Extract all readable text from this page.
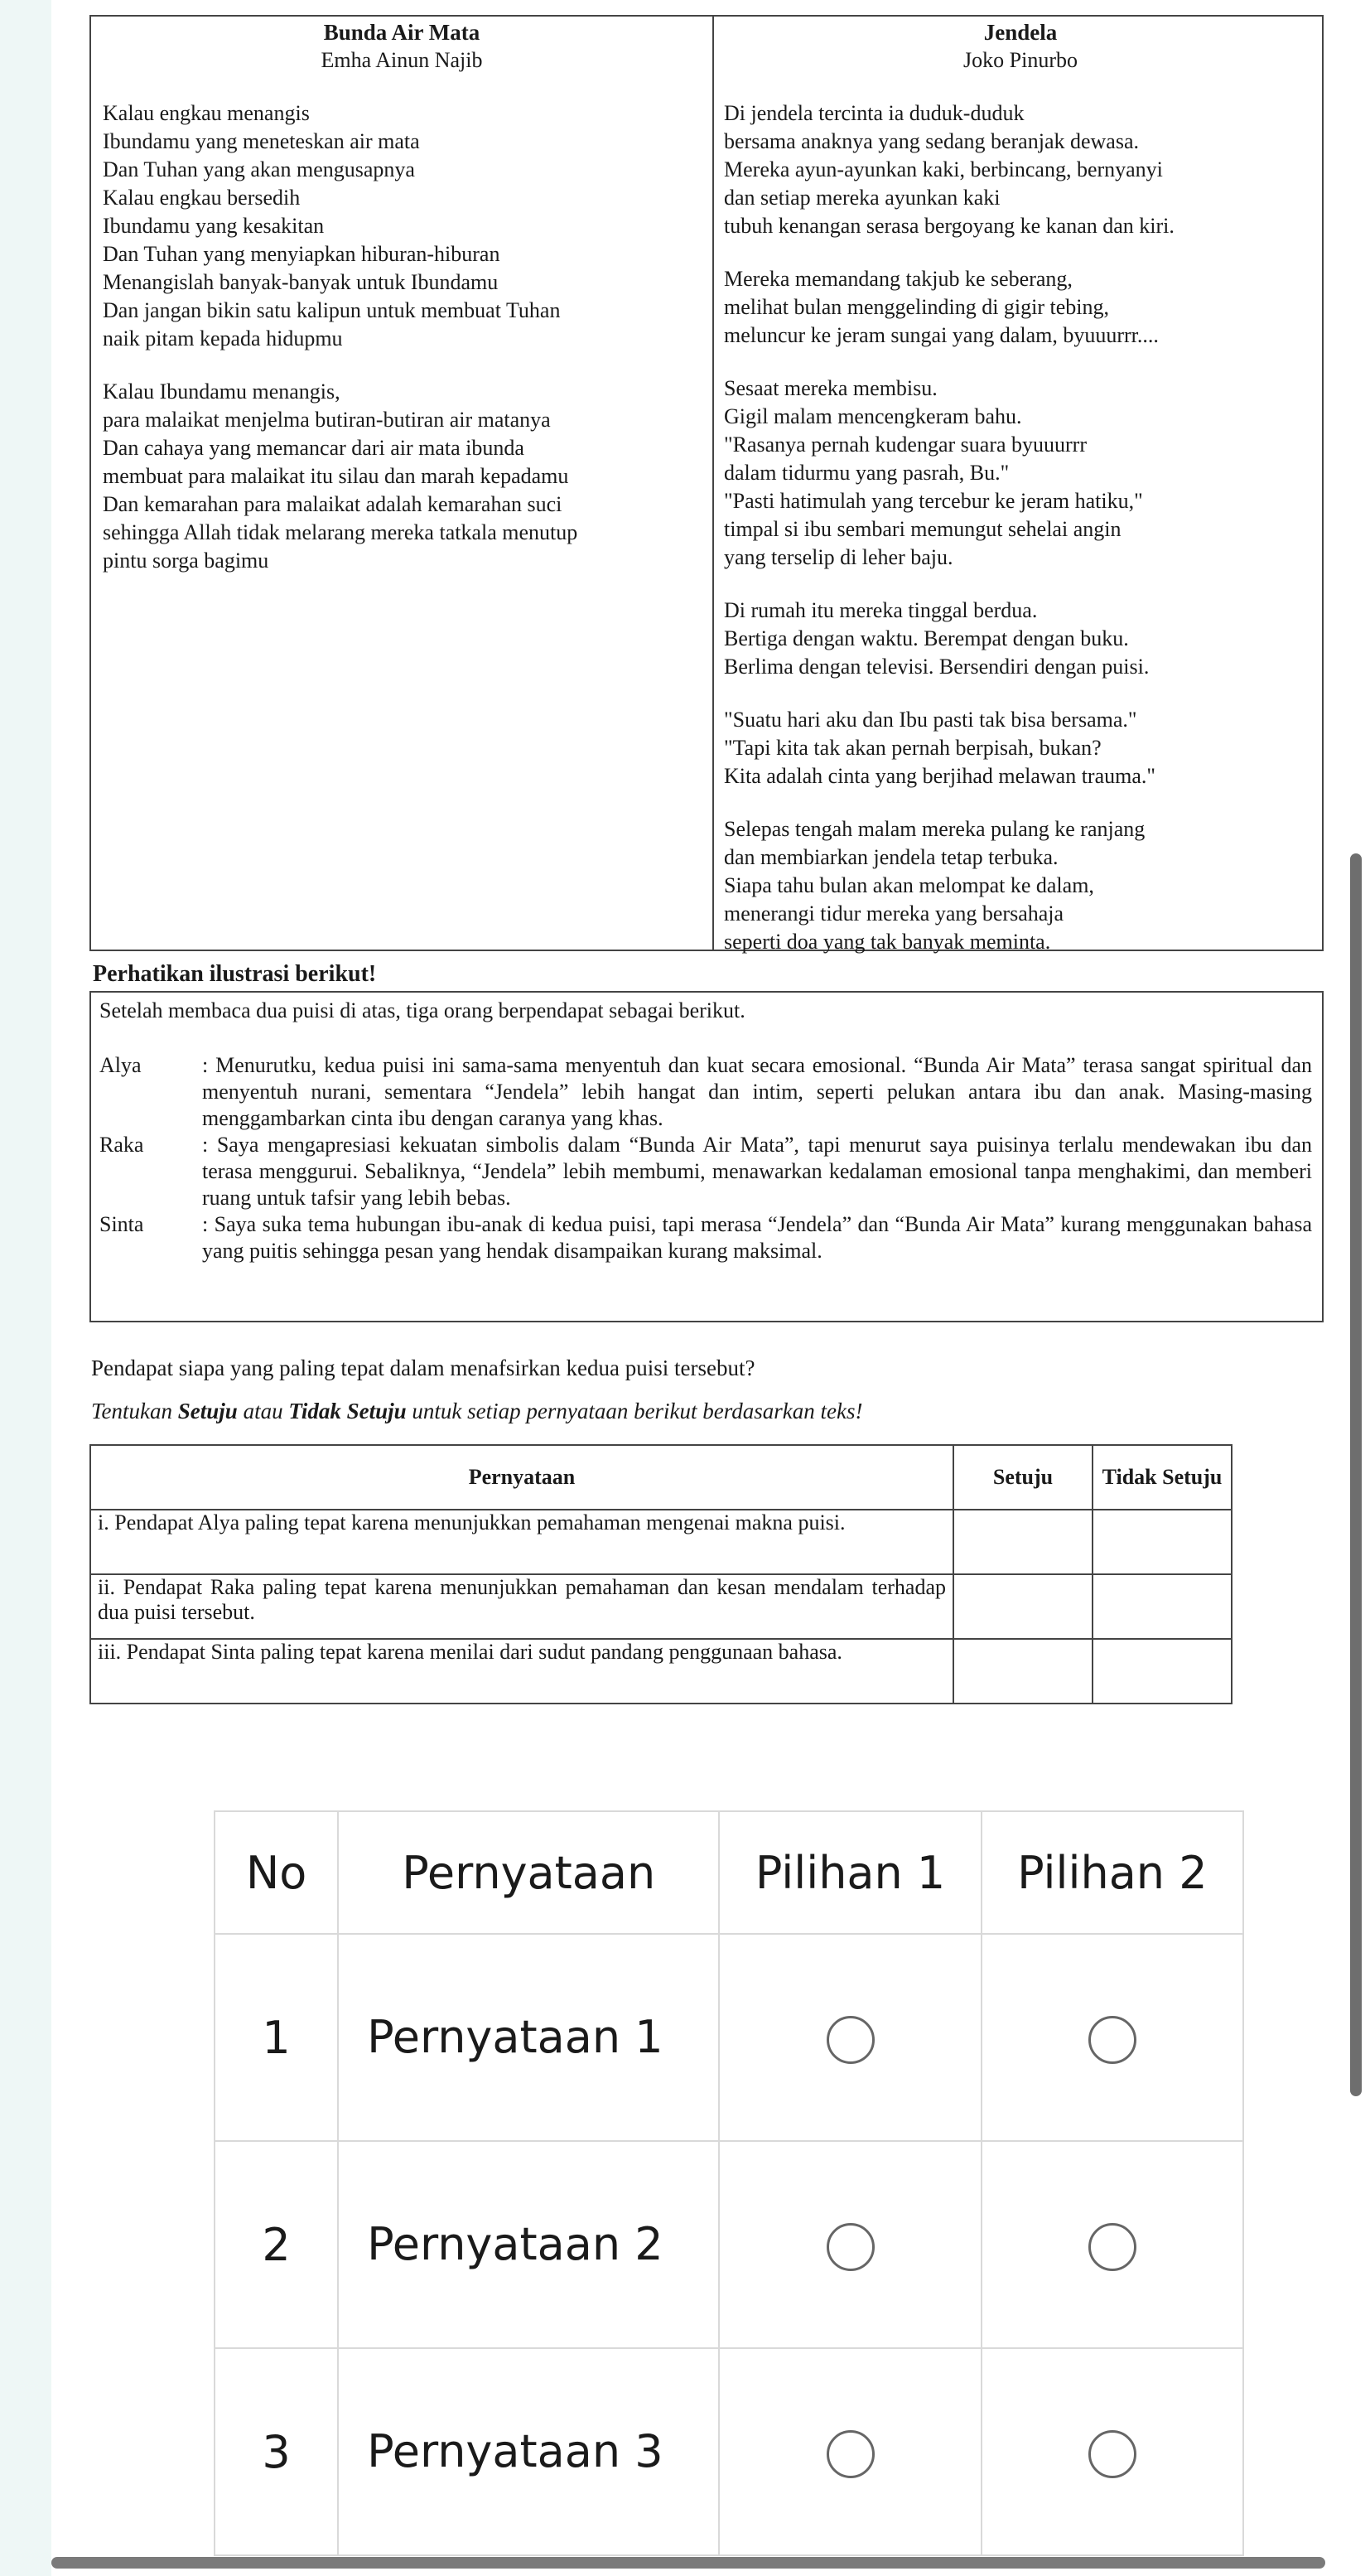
Bunda Air Mata
Emha Ainun Najib
Kalau engkau menangis
Ibundamu yang meneteskan air mata
Dan Tuhan yang akan mengusapnya
Kalau engkau bersedih
Ibundamu yang kesakitan
Dan Tuhan yang menyiapkan hiburan-hiburan
Menangislah banyak-banyak untuk Ibundamu
Dan jangan bikin satu kalipun untuk membuat Tuhan
naik pitam kepada hidupmu
Kalau Ibundamu menangis,
para malaikat menjelma butiran-butiran air matanya
Dan cahaya yang memancar dari air mata ibunda
membuat para malaikat itu silau dan marah kepadamu
Dan kemarahan para malaikat adalah kemarahan suci
sehingga Allah tidak melarang mereka tatkala menutup
pintu sorga bagimu
Jendela
Joko Pinurbo
Di jendela tercinta ia duduk-duduk
bersama anaknya yang sedang beranjak dewasa.
Mereka ayun-ayunkan kaki, berbincang, bernyanyi
dan setiap mereka ayunkan kaki
tubuh kenangan serasa bergoyang ke kanan dan kiri.
Mereka memandang takjub ke seberang,
melihat bulan menggelinding di gigir tebing,
meluncur ke jeram sungai yang dalam, byuuurrr....
Sesaat mereka membisu.
Gigil malam mencengkeram bahu.
"Rasanya pernah kudengar suara byuuurrr
dalam tidurmu yang pasrah, Bu."
"Pasti hatimulah yang tercebur ke jeram hatiku,"
timpal si ibu sembari memungut sehelai angin
yang terselip di leher baju.
Di rumah itu mereka tinggal berdua.
Bertiga dengan waktu. Berempat dengan buku.
Berlima dengan televisi. Bersendiri dengan puisi.
"Suatu hari aku dan Ibu pasti tak bisa bersama."
"Tapi kita tak akan pernah berpisah, bukan?
Kita adalah cinta yang berjihad melawan trauma."
Selepas tengah malam mereka pulang ke ranjang
dan membiarkan jendela tetap terbuka.
Siapa tahu bulan akan melompat ke dalam,
menerangi tidur mereka yang bersahaja
seperti doa yang tak banyak meminta.
Perhatikan ilustrasi berikut!
Setelah membaca dua puisi di atas, tiga orang berpendapat sebagai berikut.
Alya	: Menurutku, kedua puisi ini sama-sama menyentuh dan kuat secara emosional. “Bunda Air Mata” terasa sangat spiritual dan menyentuh nurani, sementara “Jendela” lebih hangat dan intim, seperti pelukan antara ibu dan anak. Masing-masing menggambarkan cinta ibu dengan caranya yang khas.
Raka	: Saya mengapresiasi kekuatan simbolis dalam “Bunda Air Mata”, tapi menurut saya puisinya terlalu mendewakan ibu dan terasa menggurui. Sebaliknya, “Jendela” lebih membumi, menawarkan kedalaman emosional tanpa menghakimi, dan memberi ruang untuk tafsir yang lebih bebas.
Sinta	: Saya suka tema hubungan ibu-anak di kedua puisi, tapi merasa “Jendela” dan “Bunda Air Mata” kurang menggunakan bahasa yang puitis sehingga pesan yang hendak disampaikan kurang maksimal.
Pendapat siapa yang paling tepat dalam menafsirkan kedua puisi tersebut?
Tentukan Setuju atau Tidak Setuju untuk setiap pernyataan berikut berdasarkan teks!
Pernyataan	Setuju	Tidak Setuju
i. Pendapat Alya paling tepat karena menunjukkan pemahaman mengenai makna puisi.		
ii. Pendapat Raka paling tepat karena menunjukkan pemahaman dan kesan mendalam terhadap dua puisi tersebut.		
iii. Pendapat Sinta paling tepat karena menilai dari sudut pandang penggunaan bahasa.		
No	Pernyataan	Pilihan 1	Pilihan 2
1	Pernyataan 1		
2	Pernyataan 2		
3	Pernyataan 3		
